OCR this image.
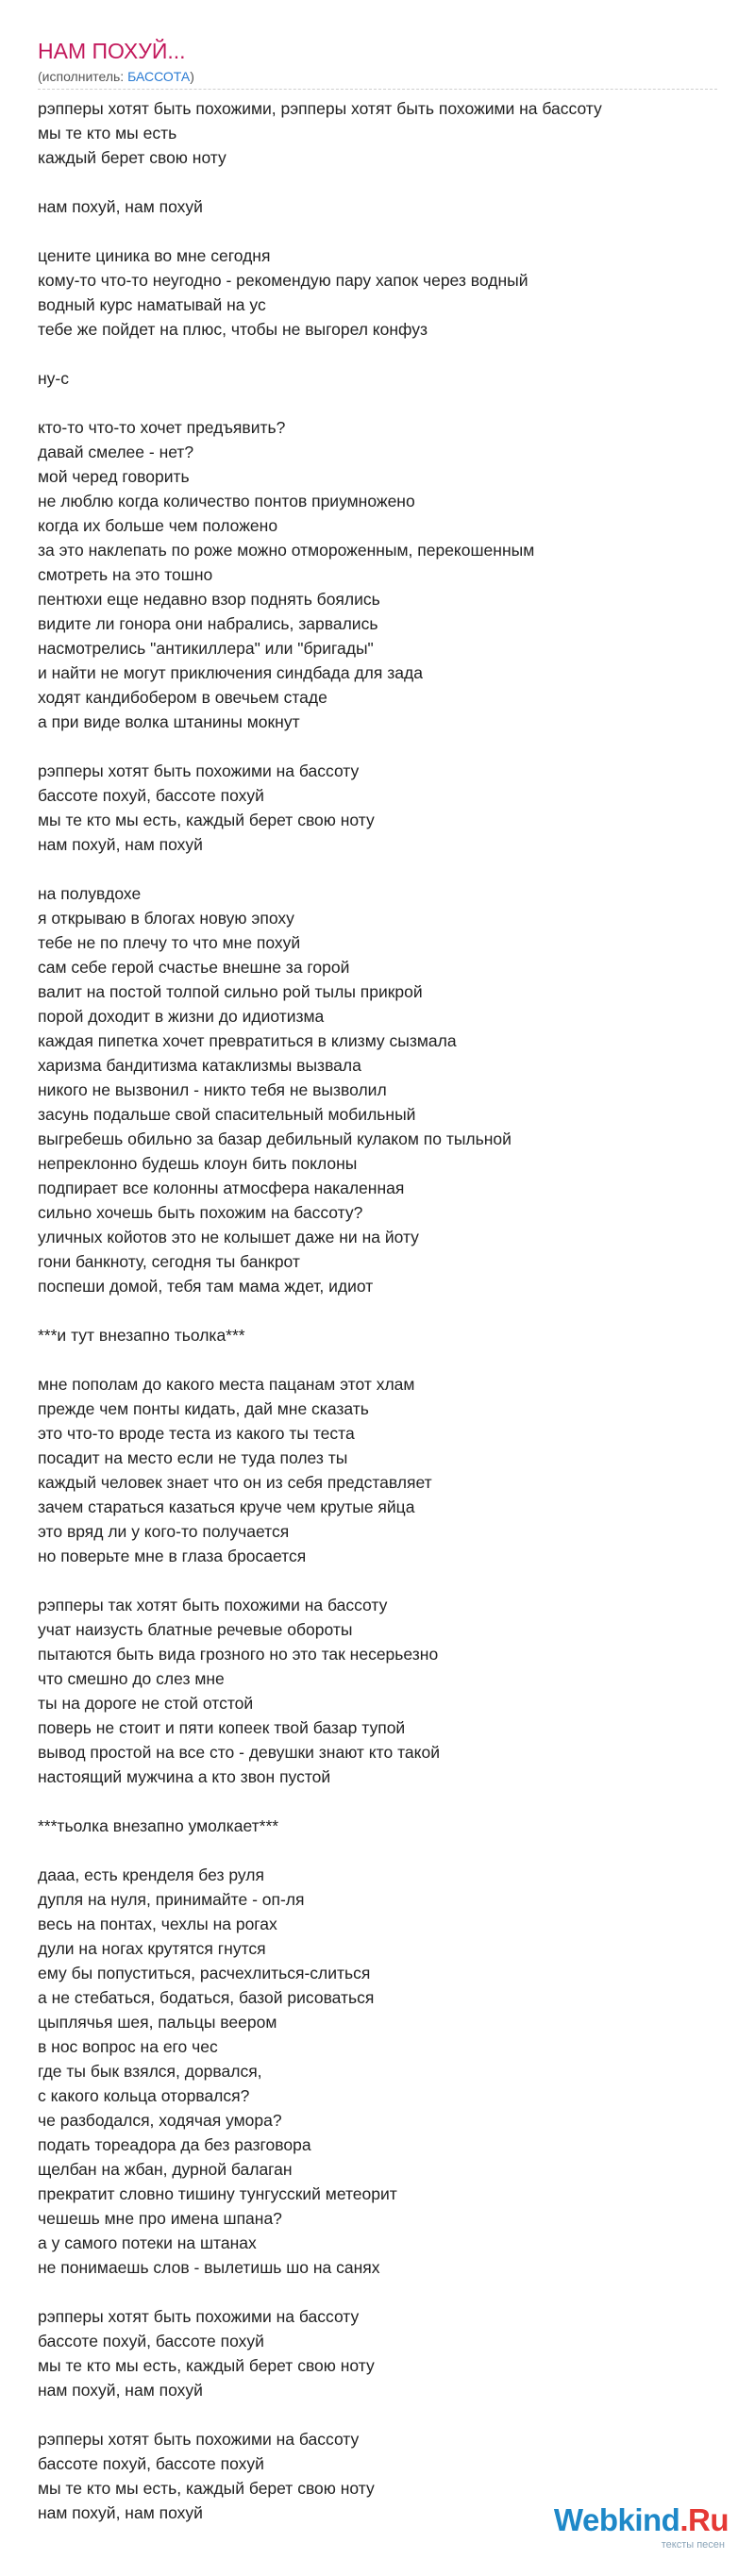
НАМ ПОХУЙ...
(исполнитель: БАССОТА)
рэпперы хотят быть похожими, рэпперы хотят быть похожими на бассоту
мы те кто мы есть
каждый берет свою ноту

нам похуй, нам похуй

цените циника во мне сегодня
кому-то что-то неугодно - рекомендую пару хапок через водный
водный курс наматывай на ус
тебе же пойдет на плюс, чтобы не выгорел конфуз

ну-с

кто-то что-то хочет предъявить?
давай смелее - нет?
мой черед говорить
не люблю когда количество понтов приумножено
когда их больше чем положено
за это наклепать по роже можно отмороженным, перекошенным
смотреть на это тошно
пентюхи еще недавно взор поднять боялись
видите ли гонора они набрались, зарвались
насмотрелись "антикиллера" или "бригады"
и найти не могут приключения синдбада для зада
ходят кандибобером в овечьем стаде
а при виде волка штанины мокнут

рэпперы хотят быть похожими на бассоту
бассоте похуй, бассоте похуй
мы те кто мы есть, каждый берет свою ноту
нам похуй, нам похуй

на полувдохе
я открываю в блогах новую эпоху
тебе не по плечу то что мне похуй
сам себе герой счастье внешне за горой
валит на постой толпой сильно рой тылы прикрой
порой доходит в жизни до идиотизма
каждая пипетка хочет превратиться в клизму сызмала
харизма бандитизма катаклизмы вызвала
никого не вызвонил - никто тебя не вызволил
засунь подальше свой спасительный мобильный
выгребешь обильно за базар дебильный кулаком по тыльной
непреклонно будешь клоун бить поклоны
подпирает все колонны атмосфера накаленная
сильно хочешь быть похожим на бассоту?
уличных койотов это не колышет даже ни на йоту
гони банкноту, сегодня ты банкрот
поспеши домой, тебя там мама ждет, идиот

***и тут внезапно тьолка***

мне пополам до какого места пацанам этот хлам
прежде чем понты кидать, дай мне сказать
это что-то вроде теста из какого ты теста
посадит на место если не туда полез ты
каждый человек знает что он из себя представляет
зачем стараться казаться круче чем крутые яйца
это вряд ли у кого-то получается
но поверьте мне в глаза бросается

рэпперы так хотят быть похожими на бассоту
учат наизусть блатные речевые обороты
пытаются быть вида грозного но это так несерьезно
что смешно до слез мне
ты на дороге не стой отстой
поверь не стоит и пяти копеек твой базар тупой
вывод простой на все сто - девушки знают кто такой
настоящий мужчина а кто звон пустой

***тьолка внезапно умолкает***

дааа, есть кренделя без руля
дупля на нуля, принимайте - оп-ля
весь на понтах, чехлы на рогах
дули на ногах крутятся гнутся
ему бы попуститься, расчехлиться-слиться
а не стебаться, бодаться, базой рисоваться
цыплячья шея, пальцы веером
в нос вопрос на его чес
где ты бык взялся, дорвался,
с какого кольца оторвался?
че разбодался, ходячая умора?
подать тореадора да без разговора
щелбан на жбан, дурной балаган
прекратит словно тишину тунгусский метеорит
чешешь мне про имена шпана?
а у самого потеки на штанах
не понимаешь слов - вылетишь шо на санях

рэпперы хотят быть похожими на бассоту
бассоте похуй, бассоте похуй
мы те кто мы есть, каждый берет свою ноту
нам похуй, нам похуй

рэпперы хотят быть похожими на бассоту
бассоте похуй, бассоте похуй
мы те кто мы есть, каждый берет свою ноту
нам похуй, нам похуй	Webkind.Ru
тексты песен
